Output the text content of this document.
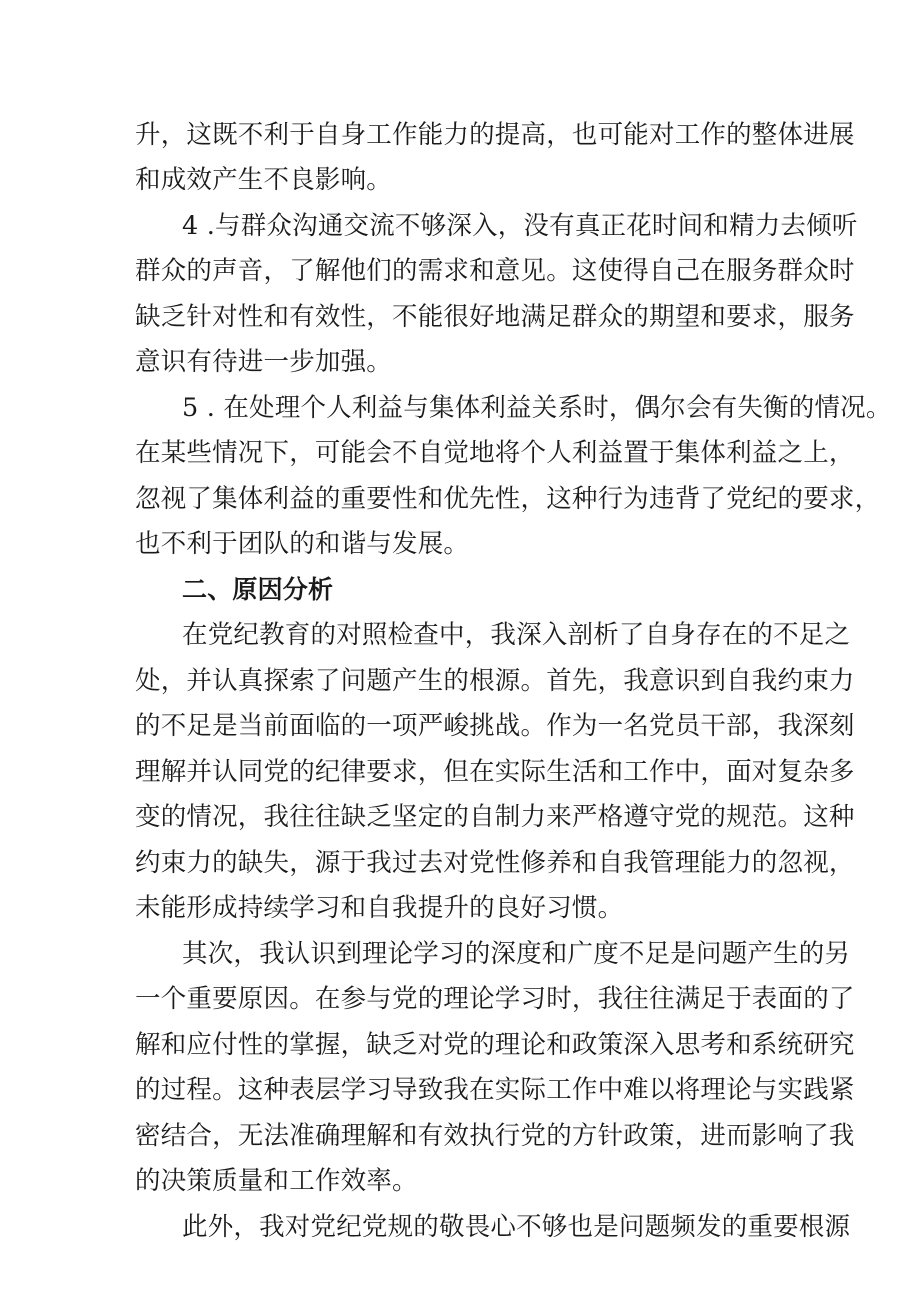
升，这既不利于自身工作能力的提高，也可能对工作的整体进展
和成效产生不良影响。
4 .与群众沟通交流不够深入，没有真正花时间和精力去倾听
群众的声音，了解他们的需求和意见。这使得自己在服务群众时
缺乏针对性和有效性，不能很好地满足群众的期望和要求，服务
意识有待进一步加强。
5 . 在处理个人利益与集体利益关系时，偶尔会有失衡的情况。
在某些情况下，可能会不自觉地将个人利益置于集体利益之上，
忽视了集体利益的重要性和优先性，这种行为违背了党纪的要求，
也不利于团队的和谐与发展。
二、原因分析
在党纪教育的对照检查中，我深入剖析了自身存在的不足之
处，并认真探索了问题产生的根源。首先，我意识到自我约束力
的不足是当前面临的一项严峻挑战。作为一名党员干部，我深刻
理解并认同党的纪律要求，但在实际生活和工作中，面对复杂多
变的情况，我往往缺乏坚定的自制力来严格遵守党的规范。这种
约束力的缺失，源于我过去对党性修养和自我管理能力的忽视，
未能形成持续学习和自我提升的良好习惯。
其次，我认识到理论学习的深度和广度不足是问题产生的另
一个重要原因。在参与党的理论学习时，我往往满足于表面的了
解和应付性的掌握，缺乏对党的理论和政策深入思考和系统研究
的过程。这种表层学习导致我在实际工作中难以将理论与实践紧
密结合，无法准确理解和有效执行党的方针政策，进而影响了我
的决策质量和工作效率。
此外，我对党纪党规的敬畏心不够也是问题频发的重要根源
